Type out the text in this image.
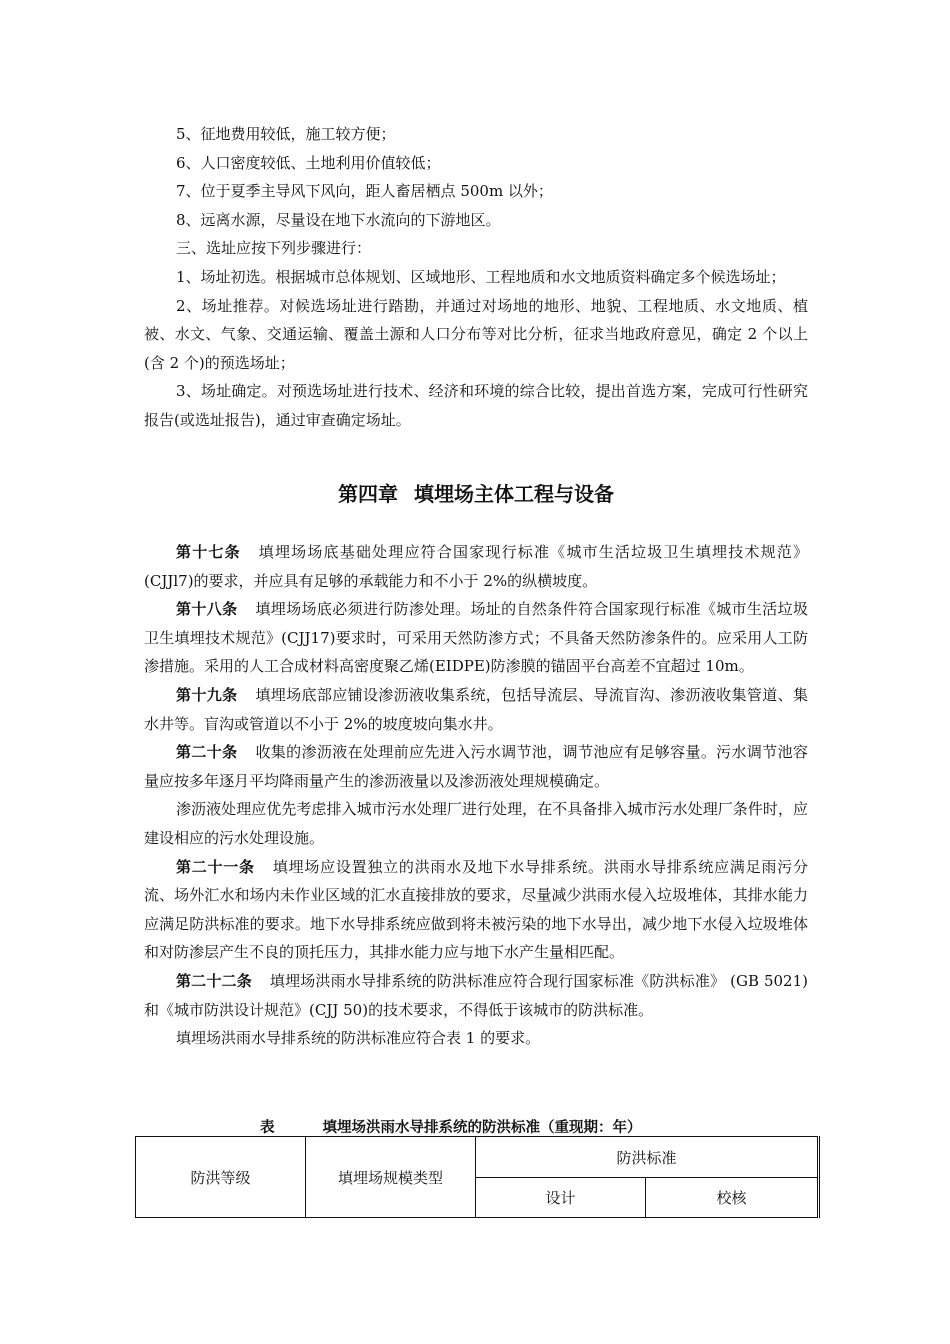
5、征地费用较低，施工较方便；

6、人口密度较低、土地利用价值较低；

7、位于夏季主导风下风向，距人畜居栖点 500m 以外；

8、远离水源，尽量设在地下水流向的下游地区。

三、选址应按下列步骤进行：

1、场址初选。根据城市总体规划、区域地形、工程地质和水文地质资料确定多个候选场址；

2、场址推荐。对候选场址进行踏勘，并通过对场地的地形、地貌、工程地质、水文地质、植被、水文、气象、交通运输、覆盖土源和人口分布等对比分析，征求当地政府意见，确定 2 个以上(含 2 个)的预选场址；

3、场址确定。对预选场址进行技术、经济和环境的综合比较，提出首选方案，完成可行性研究报告(或选址报告)，通过审查确定场址。

第四章 填埋场主体工程与设备

第十七条 填埋场场底基础处理应符合国家现行标准《城市生活垃圾卫生填埋技术规范》(CJJl7)的要求，并应具有足够的承载能力和不小于 2%的纵横坡度。

第十八条 填埋场场底必须进行防渗处理。场址的自然条件符合国家现行标准《城市生活垃圾卫生填埋技术规范》(CJJ17)要求时，可采用天然防渗方式；不具备天然防渗条件的。应采用人工防渗措施。采用的人工合成材料高密度聚乙烯(EIDPE)防渗膜的锚固平台高差不宜超过 10m。

第十九条 填埋场底部应铺设渗沥液收集系统，包括导流层、导流盲沟、渗沥液收集管道、集水井等。盲沟或管道以不小于 2%的坡度坡向集水井。

第二十条 收集的渗沥液在处理前应先进入污水调节池，调节池应有足够容量。污水调节池容量应按多年逐月平均降雨量产生的渗沥液量以及渗沥液处理规模确定。

渗沥液处理应优先考虑排入城市污水处理厂进行处理，在不具备排入城市污水处理厂条件时，应建设相应的污水处理设施。

第二十一条 填埋场应设置独立的洪雨水及地下水导排系统。洪雨水导排系统应满足雨污分流、场外汇水和场内未作业区域的汇水直接排放的要求，尽量减少洪雨水侵入垃圾堆体，其排水能力应满足防洪标准的要求。地下水导排系统应做到将未被污染的地下水导出，减少地下水侵入垃圾堆体和对防渗层产生不良的顶托压力，其排水能力应与地下水产生量相匹配。

第二十二条 填埋场洪雨水导排系统的防洪标准应符合现行国家标准《防洪标准》 (GB 5021) 和《城市防洪设计规范》(CJJ 50)的技术要求，不得低于该城市的防洪标准。

填埋场洪雨水导排系统的防洪标准应符合表 1 的要求。

表	填埋场洪雨水导排系统的防洪标准（重现期：年）
防洪等级	填埋场规模类型	防洪标准	
		设计	校核
